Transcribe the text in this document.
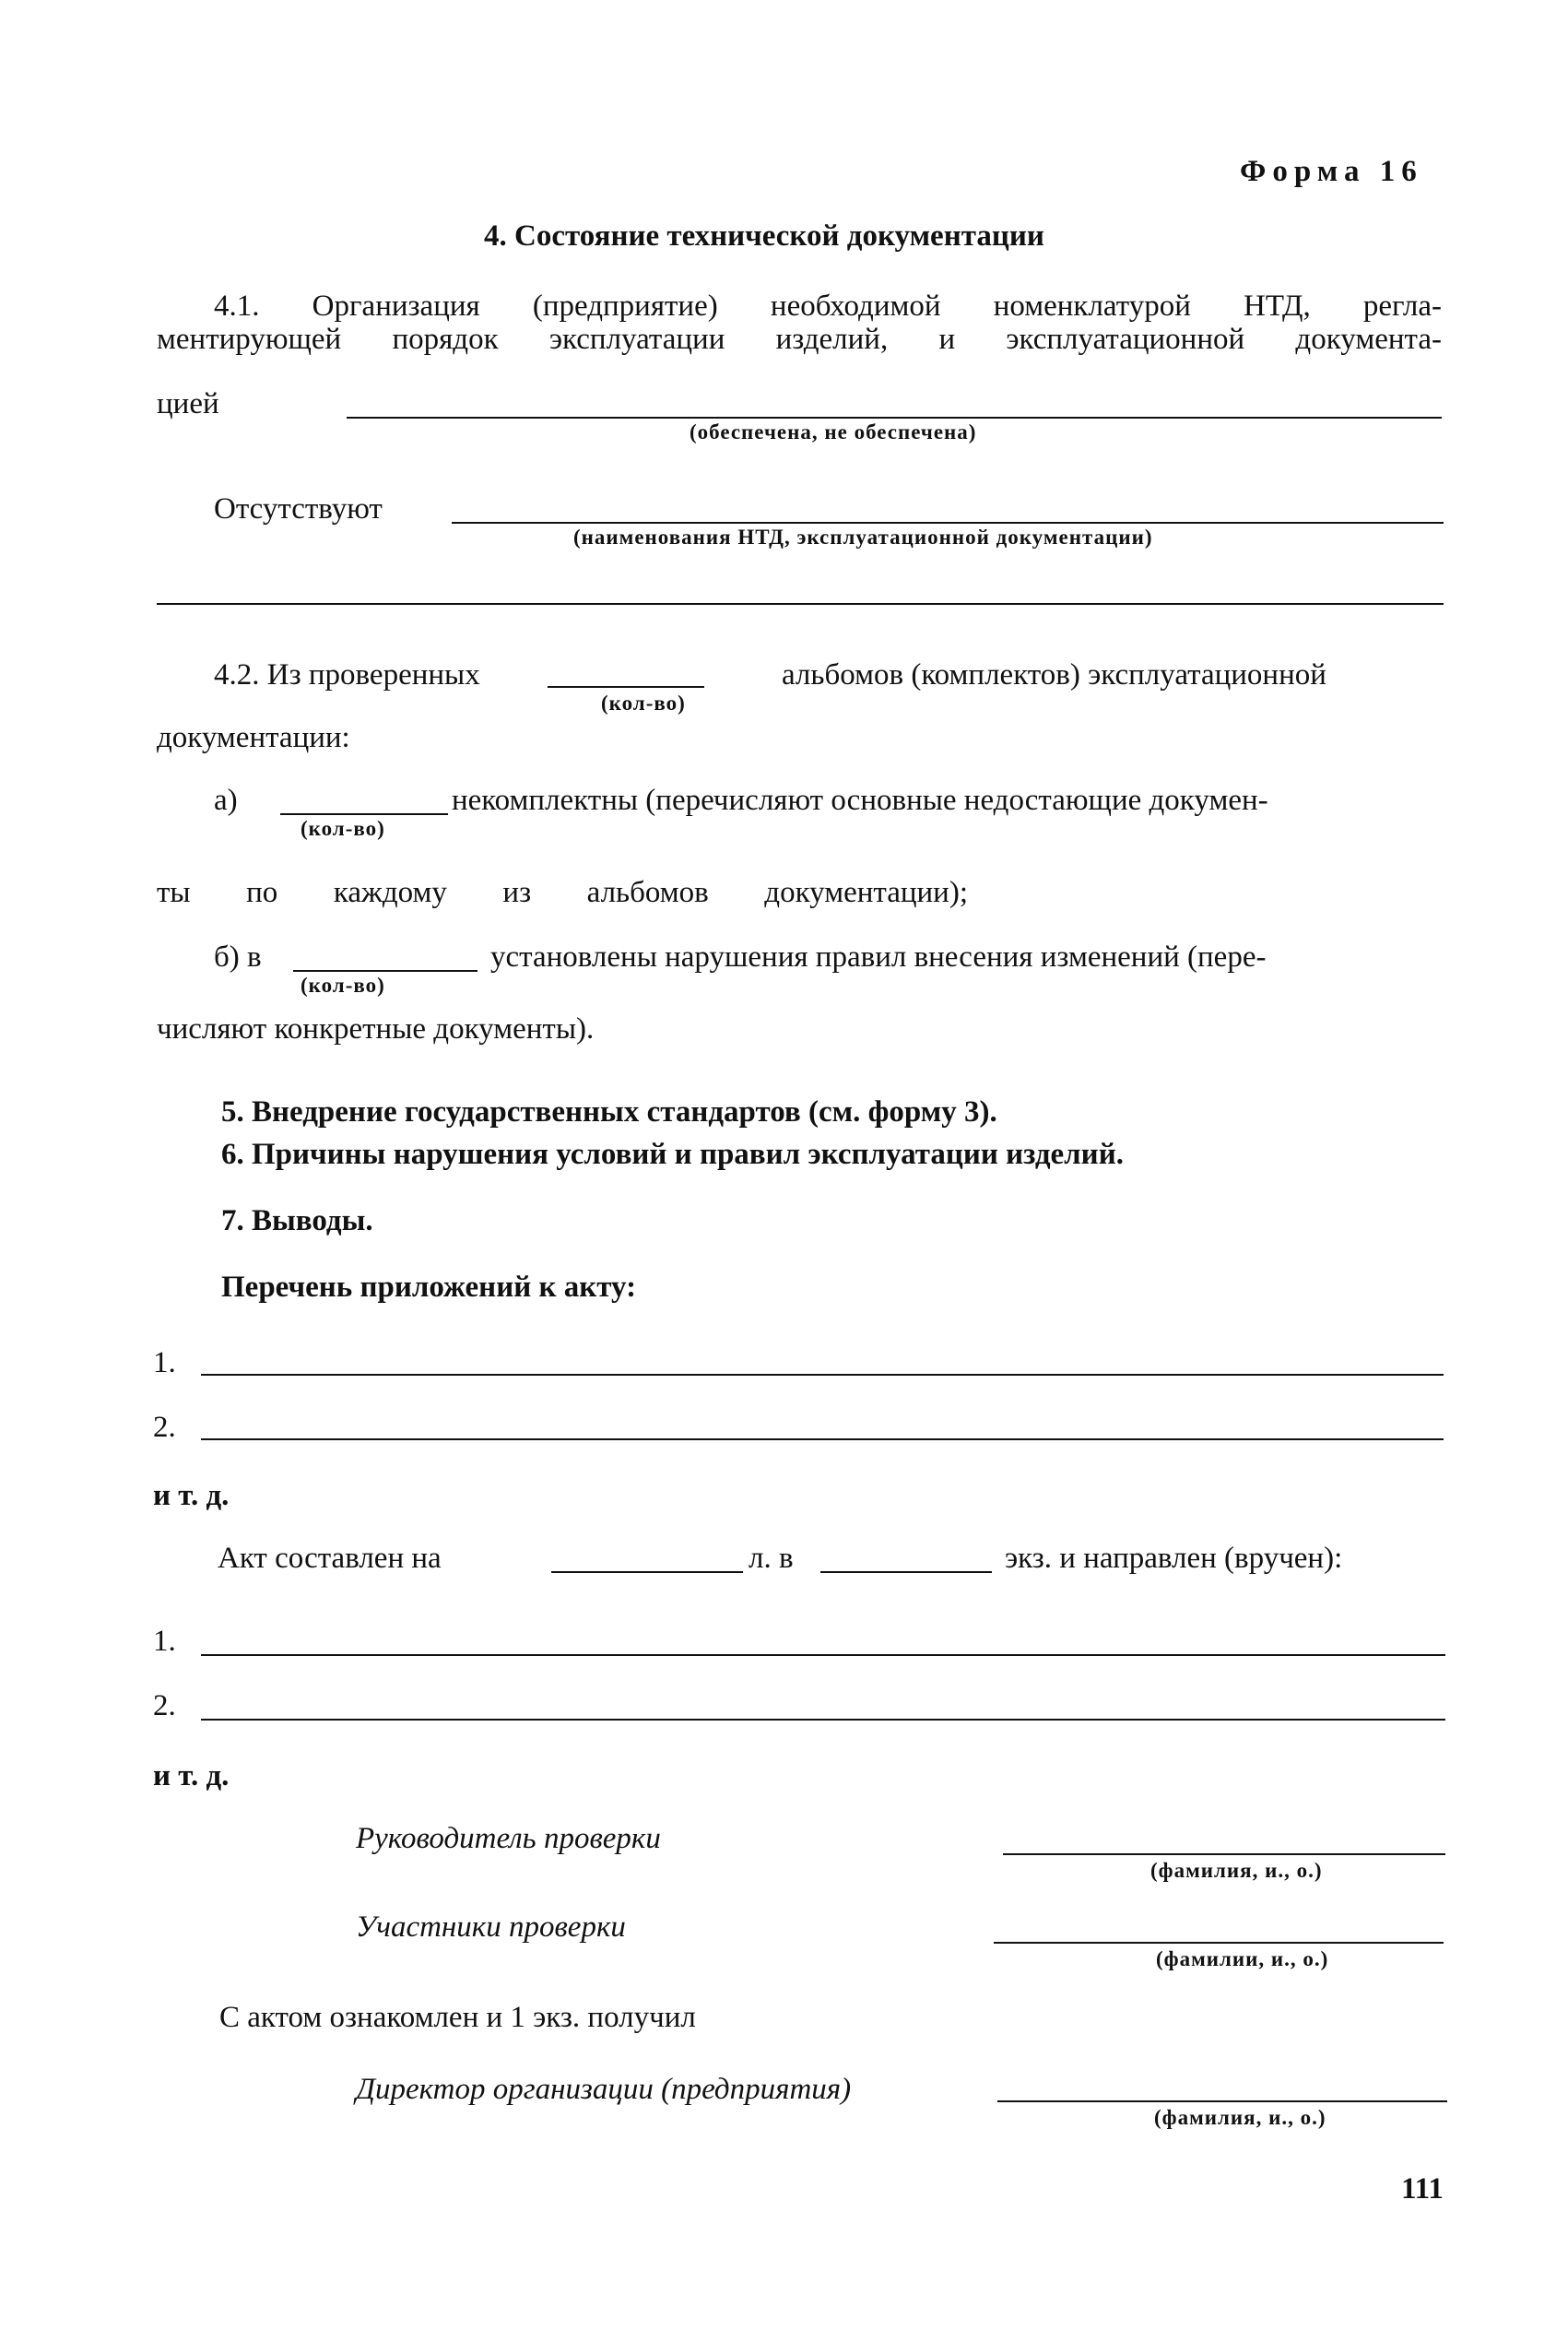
Форма 16
4. Состояние технической документации
4.1. Организация (предприятие) необходимой номенклатурой НТД, регла-
ментирующей порядок эксплуатации изделий, и эксплуатационной документа-
цией
(обеспечена, не обеспечена)
Отсутствуют
(наименования НТД, эксплуатационной документации)
4.2. Из проверенных
(кол-во)
альбомов (комплектов) эксплуатационной
документации:
а)
(кол-во)
некомплектны (перечисляют основные недостающие докумен-
ты по каждому из альбомов документации);
б) в
(кол-во)
установлены нарушения правил внесения изменений (пере-
числяют конкретные документы).
5. Внедрение государственных стандартов (см. форму 3).
6. Причины нарушения условий и правил эксплуатации изделий.
7. Выводы.
Перечень приложений к акту:
1.
2.
и т. д.
Акт составлен на	л. в	экз. и направлен (вручен):
1.
2.
и т. д.
Руководитель проверки
(фамилия, и., о.)
Участники проверки
(фамилии, и., о.)
С актом ознакомлен и 1 экз. получил
Директор организации (предприятия)
(фамилия, и., о.)
111
